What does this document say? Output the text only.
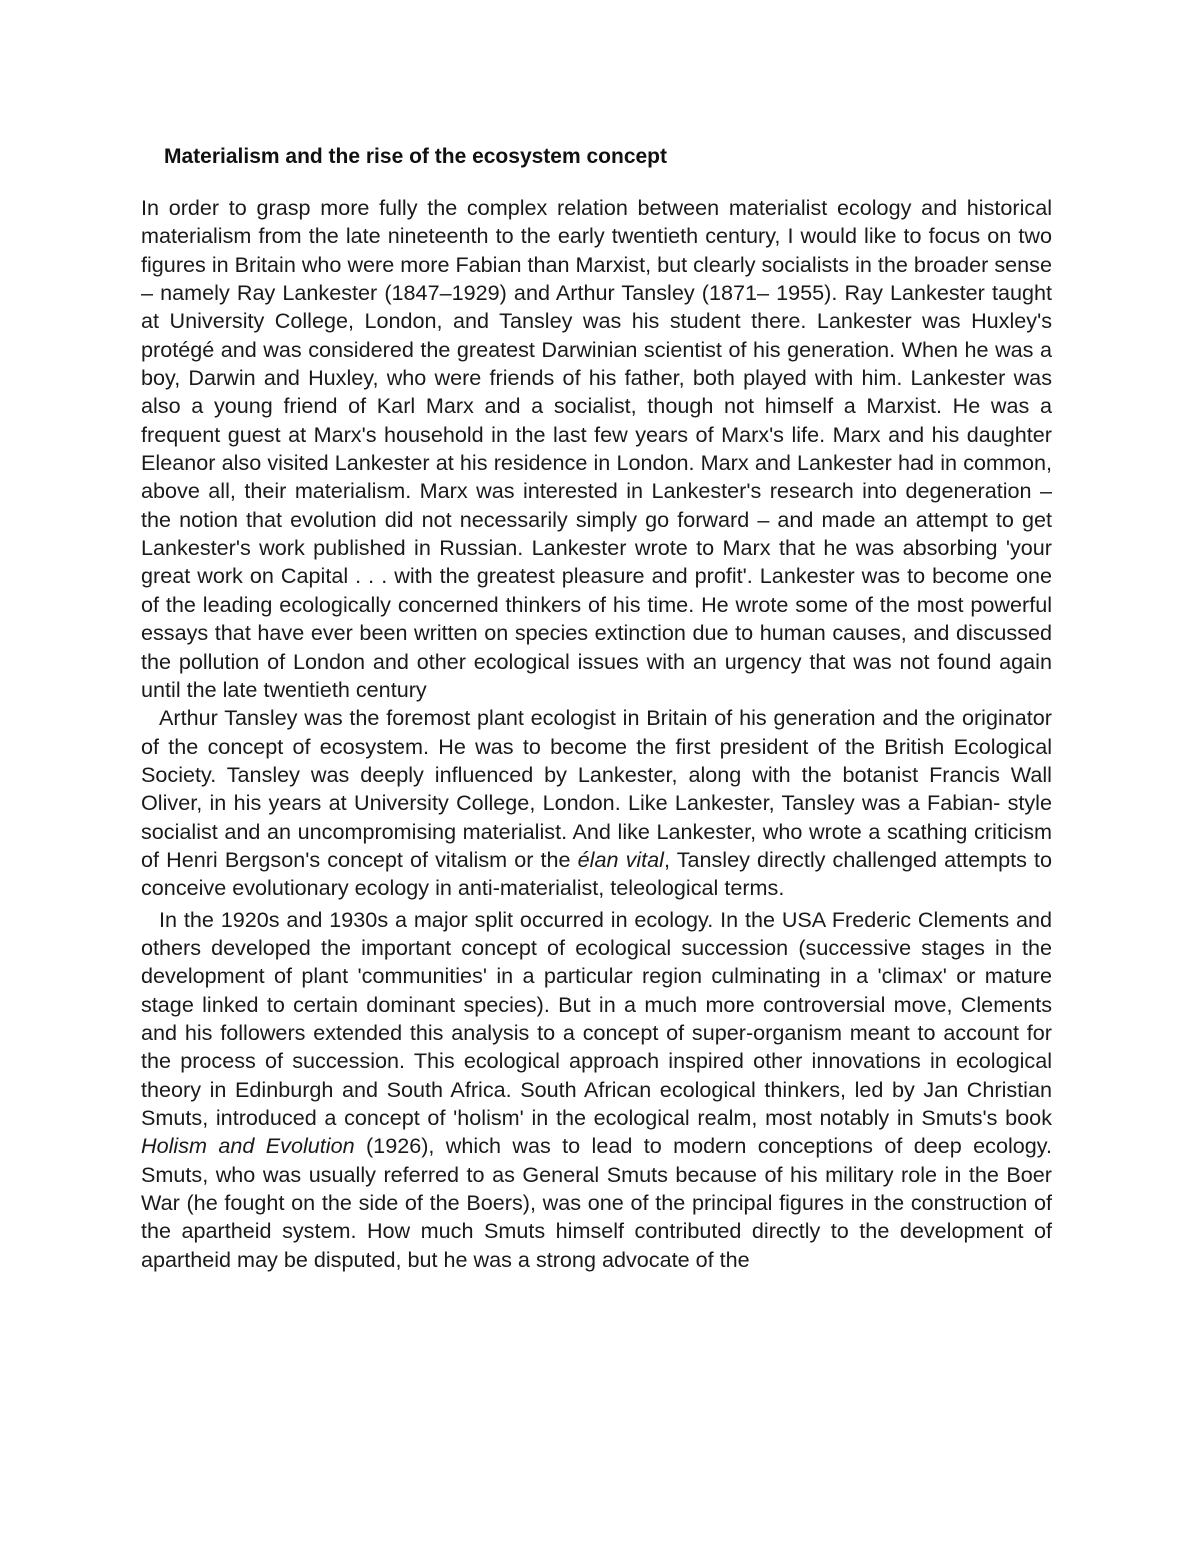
Materialism and the rise of the ecosystem concept

In order to grasp more fully the complex relation between materialist ecology and historical materialism from the late nineteenth to the early twentieth century, I would like to focus on two figures in Britain who were more Fabian than Marxist, but clearly socialists in the broader sense – namely Ray Lankester (1847–1929) and Arthur Tansley (1871– 1955). Ray Lankester taught at University College, London, and Tansley was his student there. Lankester was Huxley's protégé and was considered the greatest Darwinian scientist of his generation. When he was a boy, Darwin and Huxley, who were friends of his father, both played with him. Lankester was also a young friend of Karl Marx and a socialist, though not himself a Marxist. He was a frequent guest at Marx's household in the last few years of Marx's life. Marx and his daughter Eleanor also visited Lankester at his residence in London. Marx and Lankester had in common, above all, their materialism. Marx was interested in Lankester's research into degeneration – the notion that evolution did not necessarily simply go forward – and made an attempt to get Lankester's work published in Russian. Lankester wrote to Marx that he was absorbing 'your great work on Capital . . . with the greatest pleasure and profit'. Lankester was to become one of the leading ecologically concerned thinkers of his time. He wrote some of the most powerful essays that have ever been written on species extinction due to human causes, and discussed the pollution of London and other ecological issues with an urgency that was not found again until the late twentieth century

Arthur Tansley was the foremost plant ecologist in Britain of his generation and the originator of the concept of ecosystem. He was to become the first president of the British Ecological Society. Tansley was deeply influenced by Lankester, along with the botanist Francis Wall Oliver, in his years at University College, London. Like Lankester, Tansley was a Fabian- style socialist and an uncompromising materialist. And like Lankester, who wrote a scathing criticism of Henri Bergson's concept of vitalism or the élan vital, Tansley directly challenged attempts to conceive evolutionary ecology in anti-materialist, teleological terms.

In the 1920s and 1930s a major split occurred in ecology. In the USA Frederic Clements and others developed the important concept of ecological succession (successive stages in the development of plant 'communities' in a particular region culminating in a 'climax' or mature stage linked to certain dominant species). But in a much more controversial move, Clements and his followers extended this analysis to a concept of super-organism meant to account for the process of succession. This ecological approach inspired other innovations in ecological theory in Edinburgh and South Africa. South African ecological thinkers, led by Jan Christian Smuts, introduced a concept of 'holism' in the ecological realm, most notably in Smuts's book Holism and Evolution (1926), which was to lead to modern conceptions of deep ecology. Smuts, who was usually referred to as General Smuts because of his military role in the Boer War (he fought on the side of the Boers), was one of the principal figures in the construction of the apartheid system. How much Smuts himself contributed directly to the development of apartheid may be disputed, but he was a strong advocate of the
